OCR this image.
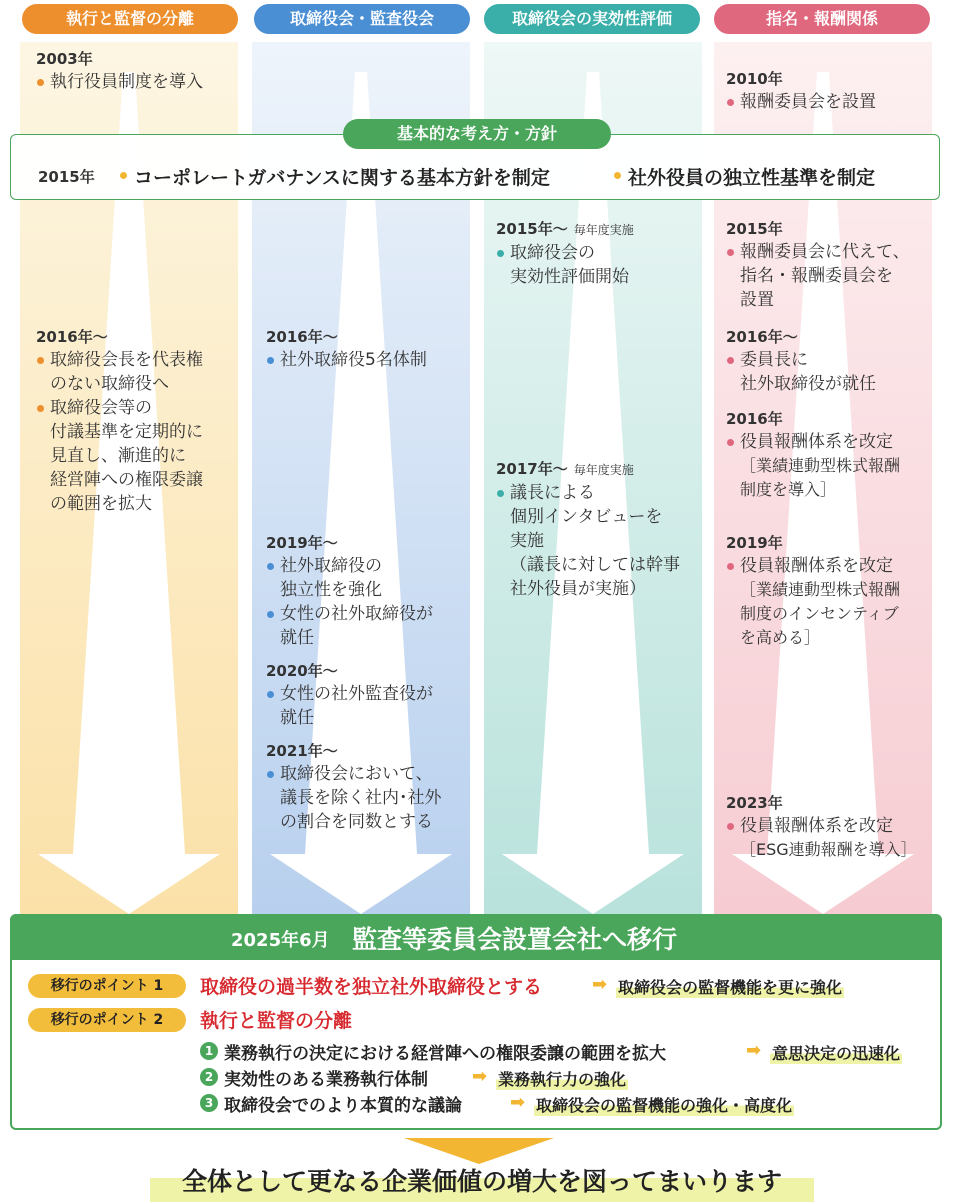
執行と監督の分離	取締役会・監査役会	取締役会の実効性評価	指名・報酬関係
2003年
執行役員制度を導入
2016年～
取締役会長を代表権
のない取締役へ
取締役会等の
付議基準を定期的に
見直し、漸進的に
経営陣への権限委譲
の範囲を拡大
2016年～
社外取締役5名体制
2019年～
社外取締役の
独立性を強化
女性の社外取締役が
就任
2020年～
女性の社外監査役が
就任
2021年～
取締役会において、
議長を除く社内･社外
の割合を同数とする
2015年～ 毎年度実施
取締役会の
実効性評価開始
2017年～ 毎年度実施
議長による
個別インタビューを
実施
（議長に対しては幹事
社外役員が実施）
2010年
報酬委員会を設置
2015年
報酬委員会に代えて、
指名・報酬委員会を
設置
2016年～
委員長に
社外取締役が就任
2016年
役員報酬体系を改定
［業績連動型株式報酬
制度を導入］
2019年
役員報酬体系を改定
［業績連動型株式報酬
制度のインセンティブ
を高める］
2023年
役員報酬体系を改定
［ESG連動報酬を導入］
基本的な考え方・方針
2015年	コーポレートガバナンスに関する基本方針を制定	社外役員の独立性基準を制定
2025年6月 監査等委員会設置会社へ移行
移行のポイント 1	取締役の過半数を独立社外取締役とする	➡ 取締役会の監督機能を更に強化
移行のポイント 2	執行と監督の分離
1 業務執行の決定における経営陣への権限委譲の範囲を拡大	➡ 意思決定の迅速化
2 実効性のある業務執行体制 ➡ 業務執行力の強化
3 取締役会でのより本質的な議論	➡ 取締役会の監督機能の強化・高度化
全体として更なる企業価値の増大を図ってまいります
